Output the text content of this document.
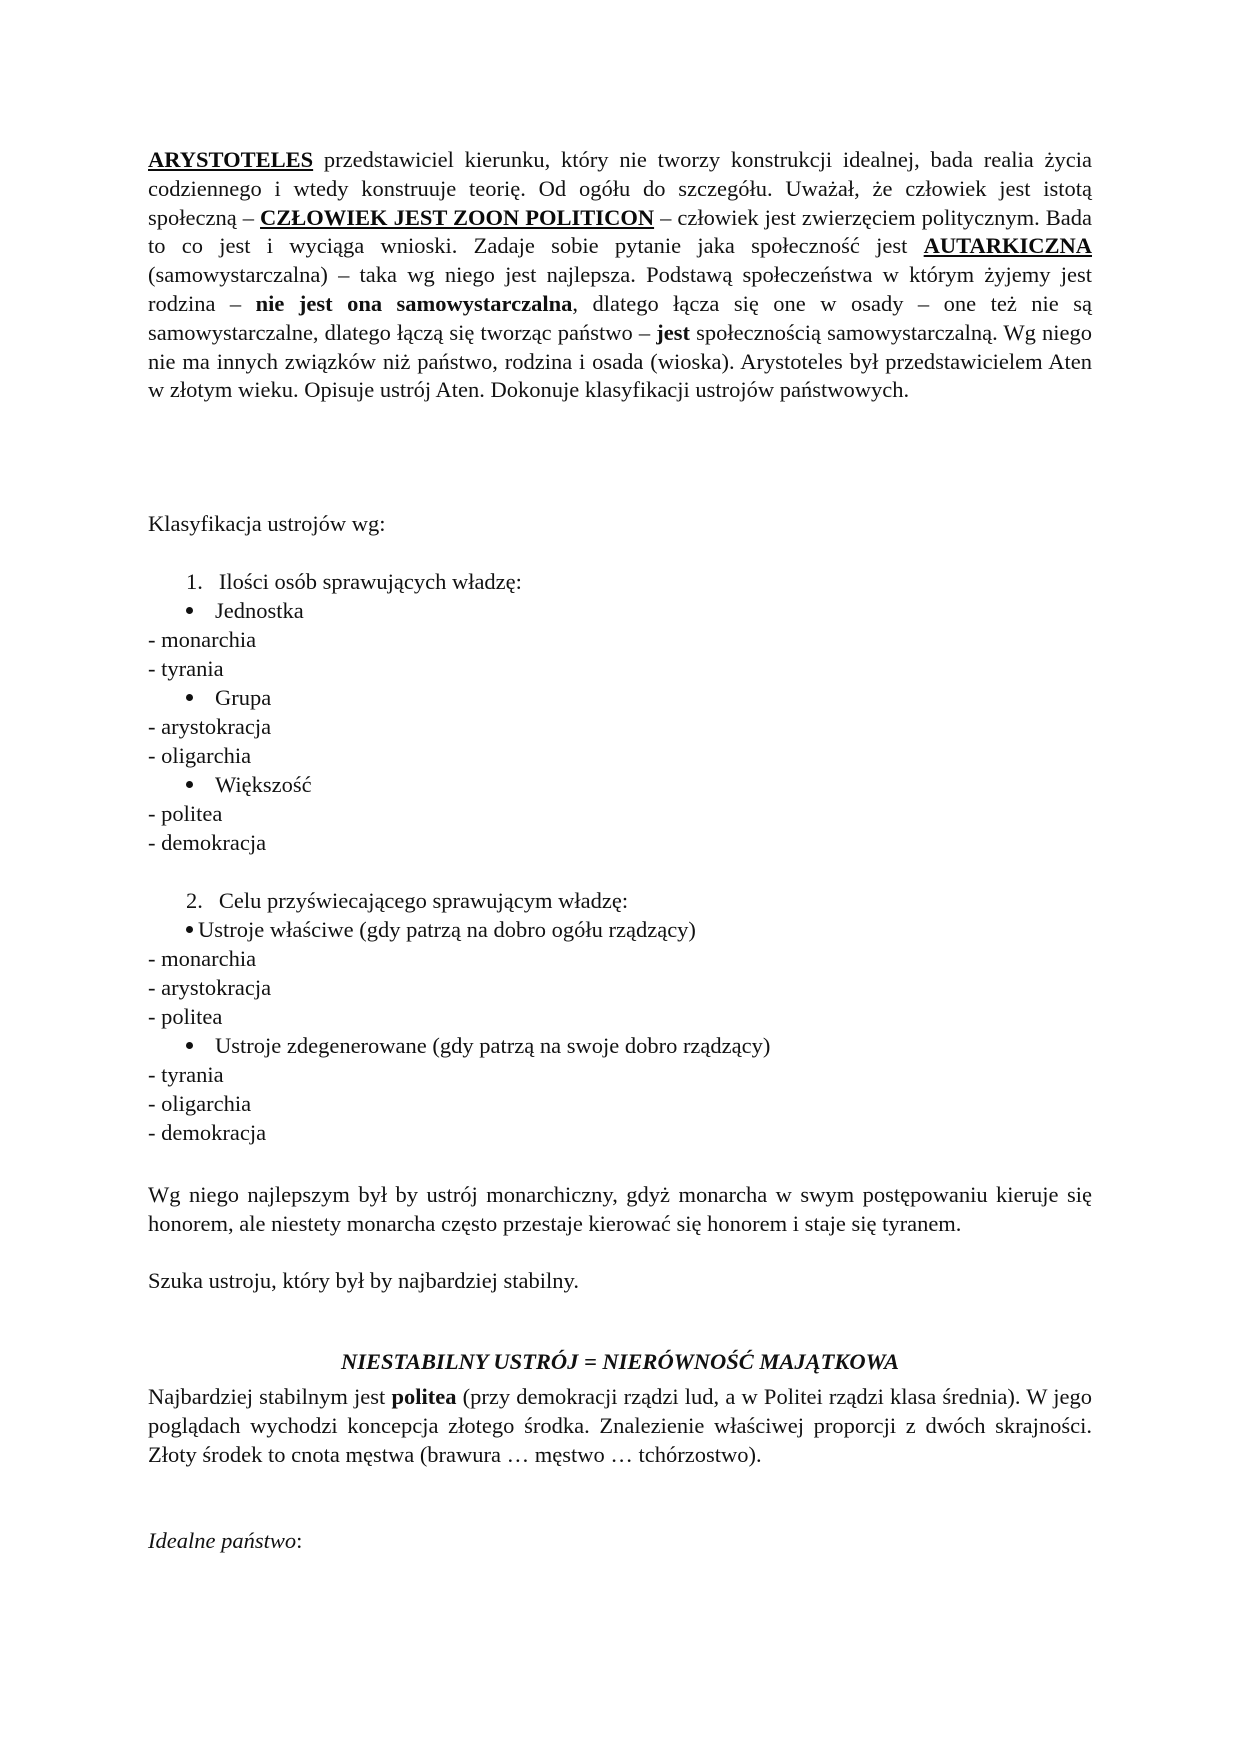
ARYSTOTELES przedstawiciel kierunku, który nie tworzy konstrukcji idealnej, bada realia życia codziennego i wtedy konstruuje teorię. Od ogółu do szczegółu. Uważał, że człowiek jest istotą społeczną – CZŁOWIEK JEST ZOON POLITICON – człowiek jest zwierzęciem politycznym. Bada to co jest i wyciąga wnioski. Zadaje sobie pytanie jaka społeczność jest AUTARKICZNA (samowystarczalna) – taka wg niego jest najlepsza. Podstawą społeczeństwa w którym żyjemy jest rodzina – nie jest ona samowystarczalna, dlatego łącza się one w osady – one też nie są samowystarczalne, dlatego łączą się tworząc państwo – jest społecznością samowystarczalną. Wg niego nie ma innych związków niż państwo, rodzina i osada (wioska). Arystoteles był przedstawicielem Aten w złotym wieku. Opisuje ustrój Aten. Dokonuje klasyfikacji ustrojów państwowych.

Klasyfikacja ustrojów wg:

1. Ilości osób sprawujących władzę:

Jednostka

- monarchia

- tyrania

Grupa

- arystokracja

- oligarchia

Większość

- politea

- demokracja

2. Celu przyświecającego sprawującym władzę:

Ustroje właściwe (gdy patrzą na dobro ogółu rządzący)

- monarchia

- arystokracja

- politea

Ustroje zdegenerowane (gdy patrzą na swoje dobro rządzący)

- tyrania

- oligarchia

- demokracja

Wg niego najlepszym był by ustrój monarchiczny, gdyż monarcha w swym postępowaniu kieruje się honorem, ale niestety monarcha często przestaje kierować się honorem i staje się tyranem.

Szuka ustroju, który był by najbardziej stabilny.

NIESTABILNY USTRÓJ = NIERÓWNOŚĆ MAJĄTKOWA

Najbardziej stabilnym jest politea (przy demokracji rządzi lud, a w Politei rządzi klasa średnia). W jego poglądach wychodzi koncepcja złotego środka. Znalezienie właściwej proporcji z dwóch skrajności. Złoty środek to cnota męstwa (brawura … męstwo … tchórzostwo).

Idealne państwo:
